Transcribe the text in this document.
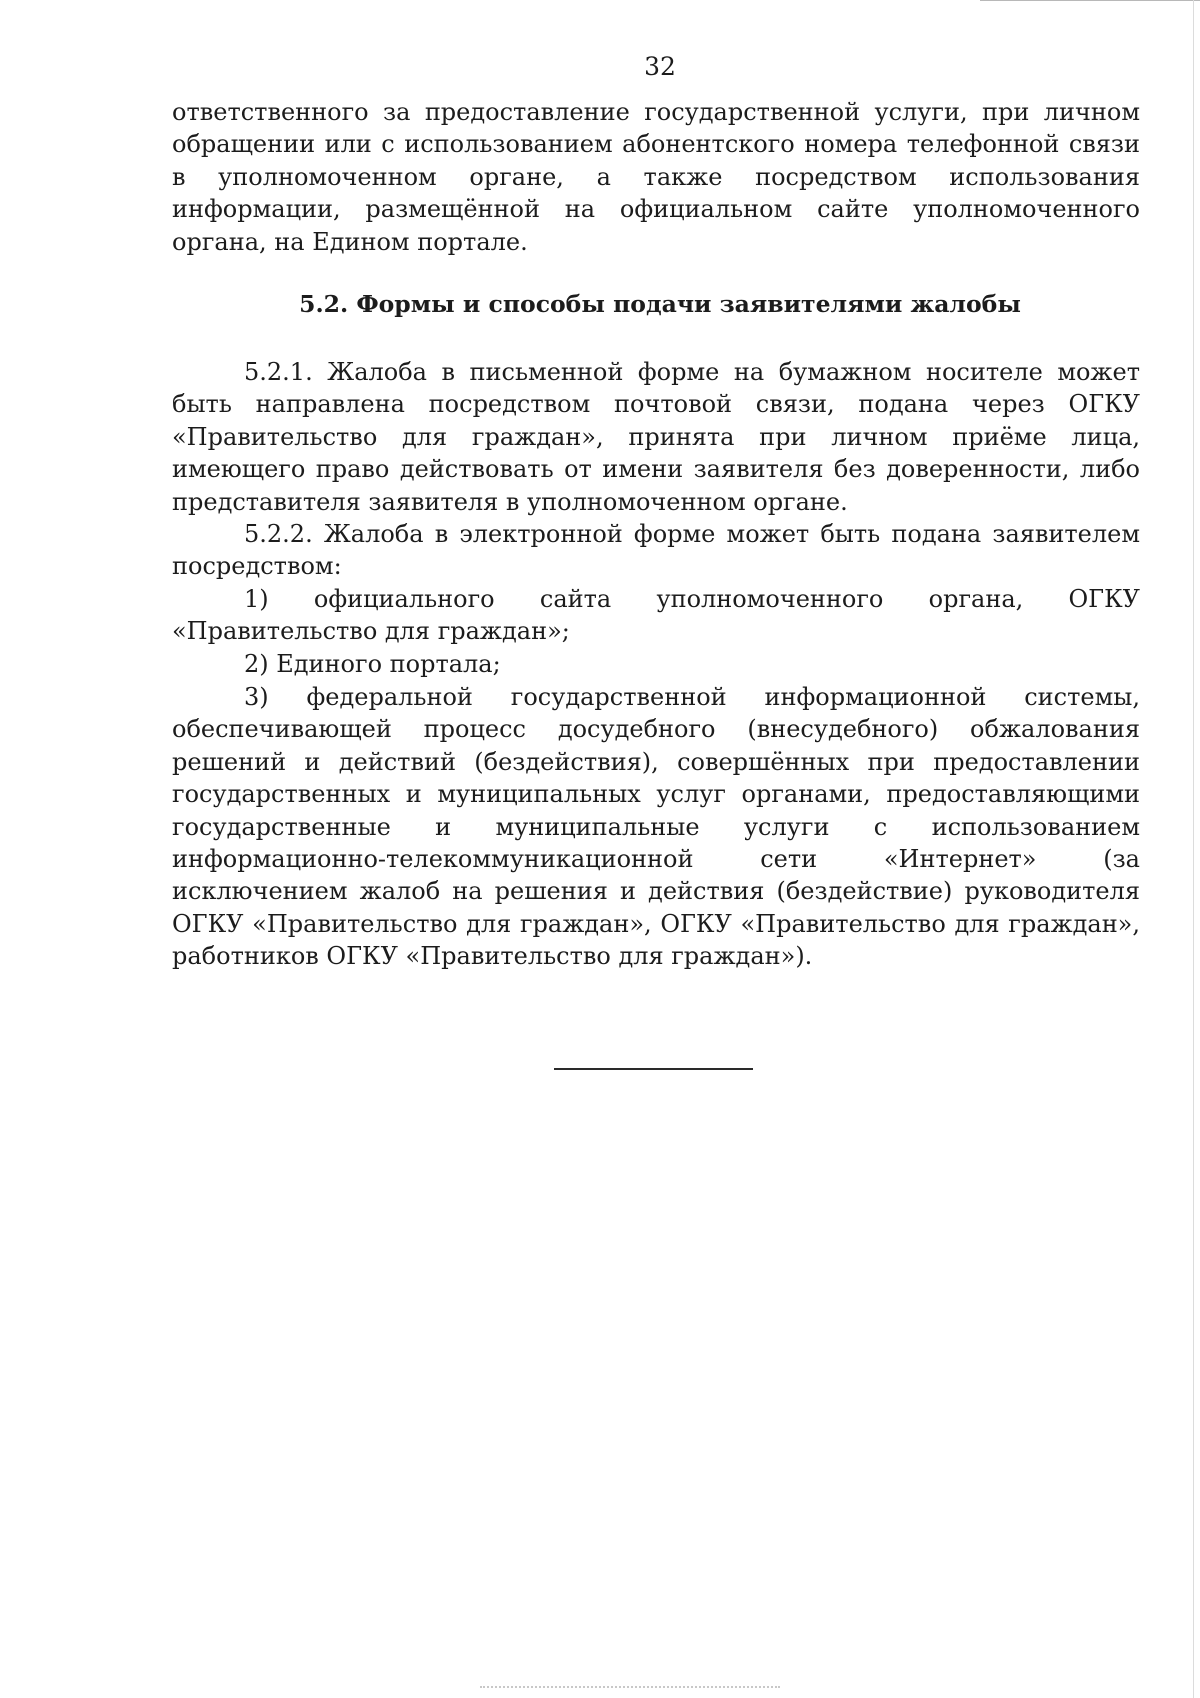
32

ответственного за предоставление государственной услуги, при личном обращении или с использованием абонентского номера телефонной связи в уполномоченном органе, а также посредством использования информации, размещённой на официальном сайте уполномоченного органа, на Едином портале.

5.2. Формы и способы подачи заявителями жалобы

5.2.1. Жалоба в письменной форме на бумажном носителе может быть направлена посредством почтовой связи, подана через ОГКУ «Правительство для граждан», принята при личном приёме лица, имеющего право действовать от имени заявителя без доверенности, либо представителя заявителя в уполномоченном органе.

5.2.2. Жалоба в электронной форме может быть подана заявителем посредством:

1) официального сайта уполномоченного органа, ОГКУ «Правительство для граждан»;

2) Единого портала;

3) федеральной государственной информационной системы, обеспечивающей процесс досудебного (внесудебного) обжалования решений и действий (бездействия), совершённых при предоставлении государственных и муниципальных услуг органами, предоставляющими государственные и муниципальные услуги с использованием информационно-телекоммуникационной сети «Интернет» (за исключением жалоб на решения и действия (бездействие) руководителя ОГКУ «Правительство для граждан», ОГКУ «Правительство для граждан», работников ОГКУ «Правительство для граждан»).
